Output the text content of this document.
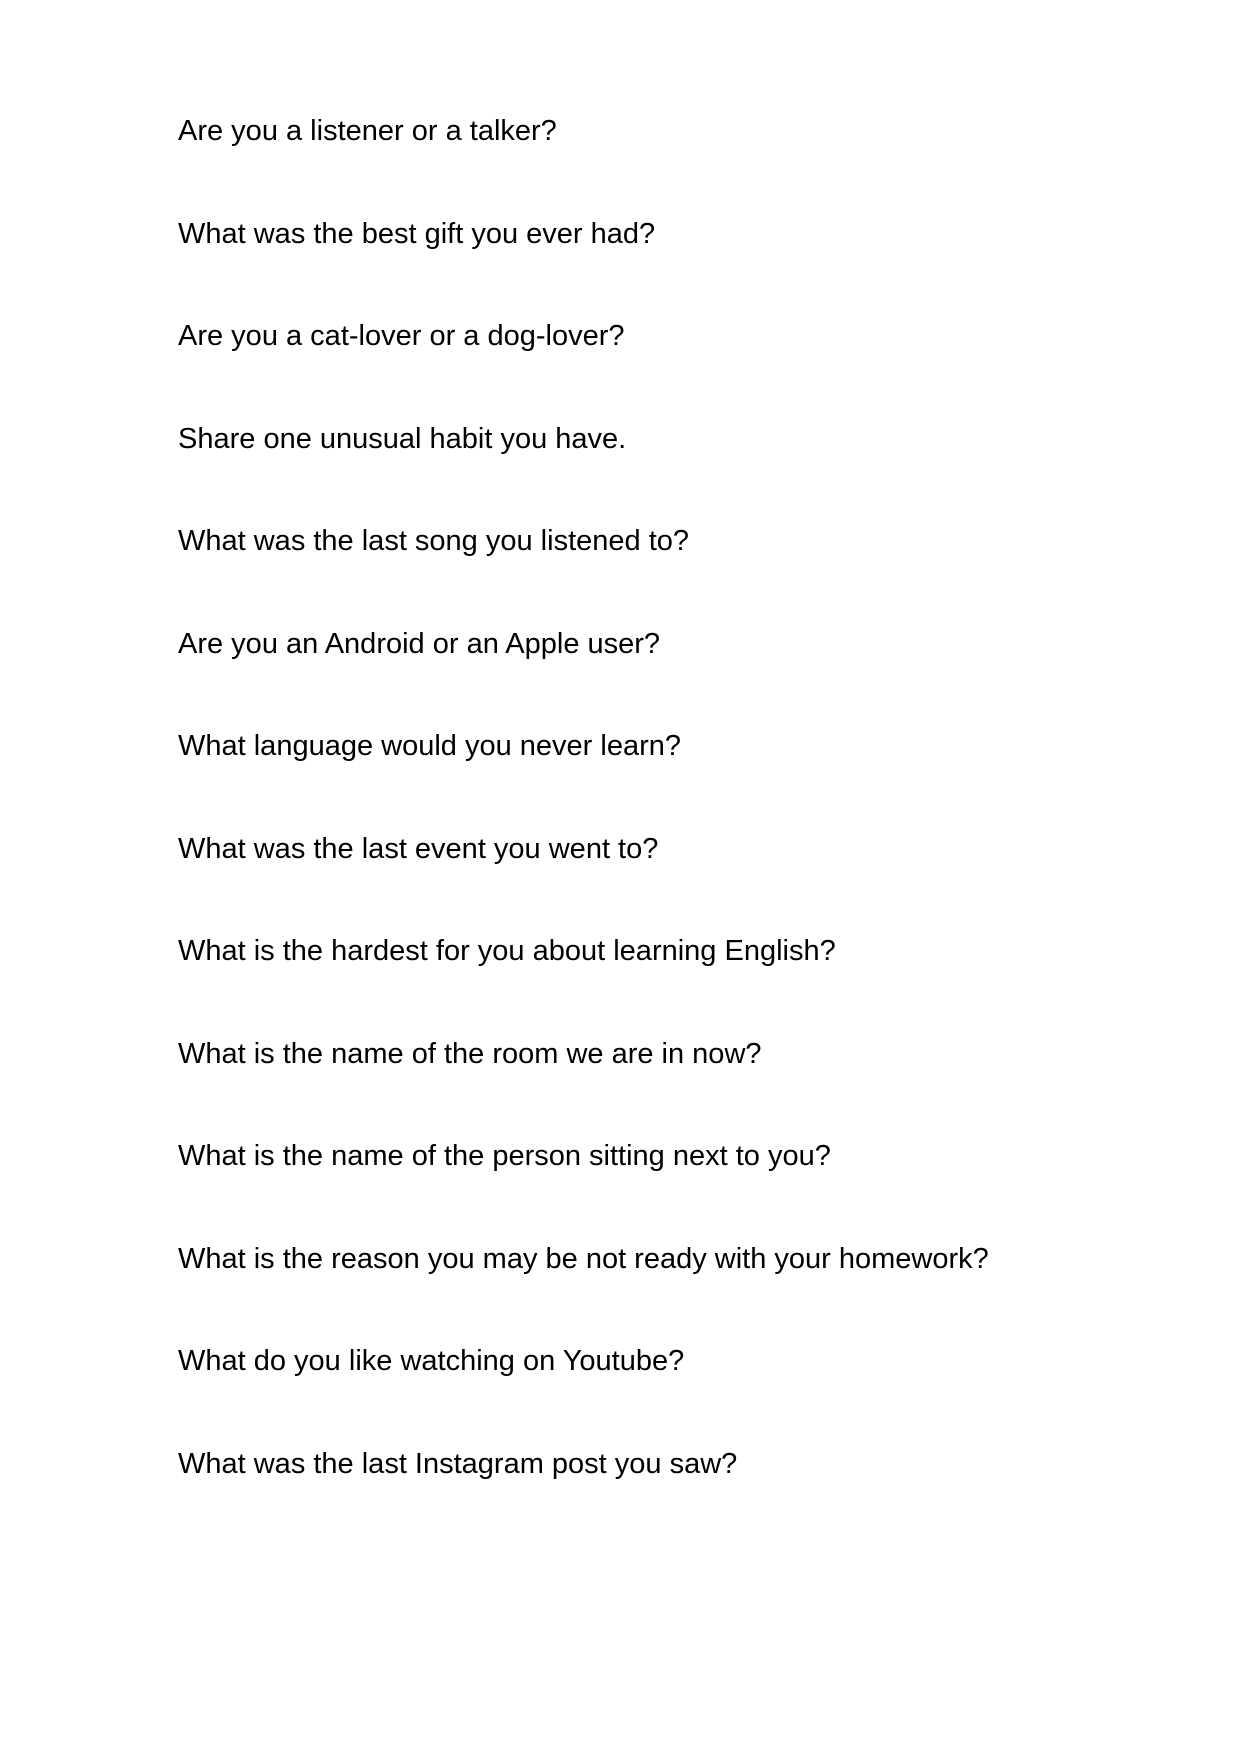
Are you a listener or a talker?
What was the best gift you ever had?
Are you a cat-lover or a dog-lover?
Share one unusual habit you have.
What was the last song you listened to?
Are you an Android or an Apple user?
What language would you never learn?
What was the last event you went to?
What is the hardest for you about learning English?
What is the name of the room we are in now?
What is the name of the person sitting next to you?
What is the reason you may be not ready with your homework?
What do you like watching on Youtube?
What was the last Instagram post you saw?
